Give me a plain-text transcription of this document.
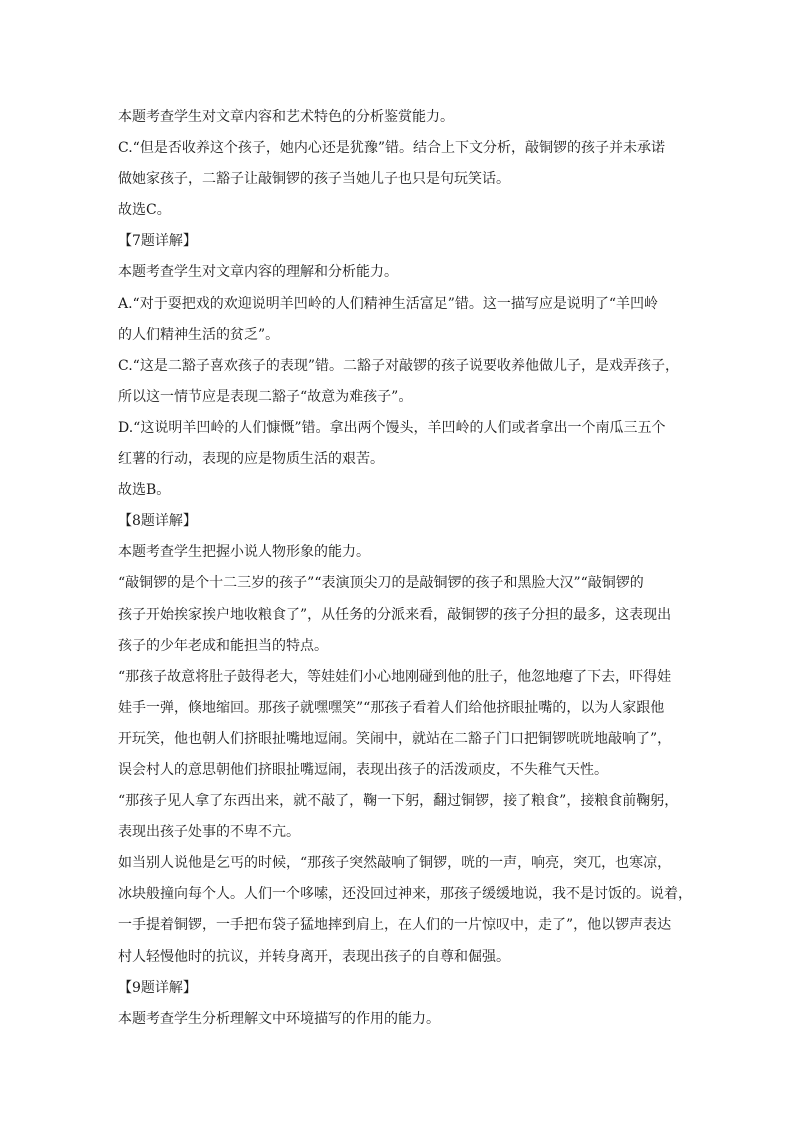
本题考查学生对文章内容和艺术特色的分析鉴赏能力。
C.“但是否收养这个孩子，她内心还是犹豫”错。结合上下文分析，敲铜锣的孩子并未承诺
做她家孩子，二豁子让敲铜锣的孩子当她儿子也只是句玩笑话。
故选C。
【7题详解】
本题考查学生对文章内容的理解和分析能力。
A.“对于耍把戏的欢迎说明羊凹岭的人们精神生活富足”错。这一描写应是说明了“羊凹岭
的人们精神生活的贫乏”。
C.“这是二豁子喜欢孩子的表现”错。二豁子对敲锣的孩子说要收养他做儿子，是戏弄孩子，
所以这一情节应是表现二豁子“故意为难孩子”。
D.“这说明羊凹岭的人们慷慨”错。拿出两个馒头，羊凹岭的人们或者拿出一个南瓜三五个
红薯的行动，表现的应是物质生活的艰苦。
故选B。
【8题详解】
本题考查学生把握小说人物形象的能力。
“敲铜锣的是个十二三岁的孩子”“表演顶尖刀的是敲铜锣的孩子和黑脸大汉”“敲铜锣的
孩子开始挨家挨户地收粮食了”，从任务的分派来看，敲铜锣的孩子分担的最多，这表现出
孩子的少年老成和能担当的特点。
“那孩子故意将肚子鼓得老大，等娃娃们小心地刚碰到他的肚子，他忽地瘪了下去，吓得娃
娃手一弹，倏地缩回。那孩子就嘿嘿笑”“那孩子看着人们给他挤眼扯嘴的，以为人家跟他
开玩笑，他也朝人们挤眼扯嘴地逗闹。笑闹中，就站在二豁子门口把铜锣咣咣地敲响了”，
误会村人的意思朝他们挤眼扯嘴逗闹，表现出孩子的活泼顽皮，不失稚气天性。
“那孩子见人拿了东西出来，就不敲了，鞠一下躬，翻过铜锣，接了粮食”，接粮食前鞠躬，
表现出孩子处事的不卑不亢。
如当别人说他是乞丐的时候，“那孩子突然敲响了铜锣，咣的一声，响亮，突兀，也寒凉，
冰块般撞向每个人。人们一个哆嗦，还没回过神来，那孩子缓缓地说，我不是讨饭的。说着，
一手提着铜锣，一手把布袋子猛地摔到肩上，在人们的一片惊叹中，走了”，他以锣声表达
村人轻慢他时的抗议，并转身离开，表现出孩子的自尊和倔强。
【9题详解】
本题考查学生分析理解文中环境描写的作用的能力。
